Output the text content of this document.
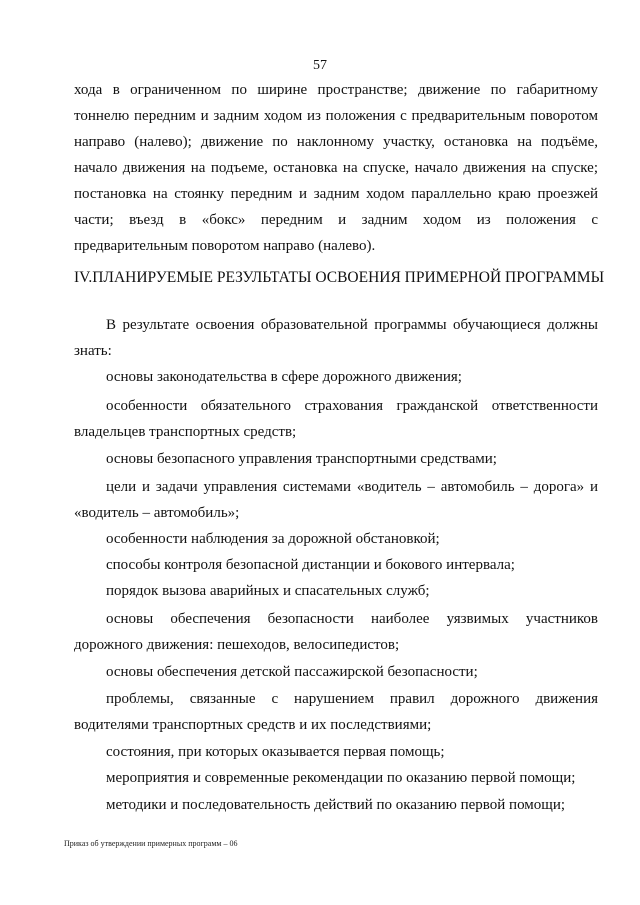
57
хода в ограниченном по ширине пространстве; движение по габаритному тоннелю передним и задним ходом из положения с предварительным поворотом направо (налево); движение по наклонному участку, остановка на подъёме, начало движения на подъеме, остановка на спуске, начало движения на спуске; постановка на стоянку передним и задним ходом параллельно краю проезжей части; въезд в «бокс» передним и задним ходом из положения с предварительным поворотом направо (налево).
IV. ПЛАНИРУЕМЫЕ РЕЗУЛЬТАТЫ ОСВОЕНИЯ ПРИМЕРНОЙ ПРОГРАММЫ
В результате освоения образовательной программы обучающиеся должны знать:
основы законодательства в сфере дорожного движения;
особенности обязательного страхования гражданской ответственности владельцев транспортных средств;
основы безопасного управления транспортными средствами;
цели и задачи управления системами «водитель – автомобиль – дорога» и «водитель – автомобиль»;
особенности наблюдения за дорожной обстановкой;
способы контроля безопасной дистанции и бокового интервала;
порядок вызова аварийных и спасательных служб;
основы обеспечения безопасности наиболее уязвимых участников дорожного движения: пешеходов, велосипедистов;
основы обеспечения детской пассажирской безопасности;
проблемы, связанные с нарушением правил дорожного движения водителями транспортных средств и их последствиями;
состояния, при которых оказывается первая помощь;
мероприятия и современные рекомендации по оказанию первой помощи;
методики и последовательность действий по оказанию первой помощи;
Приказ об утверждении примерных программ – 06
